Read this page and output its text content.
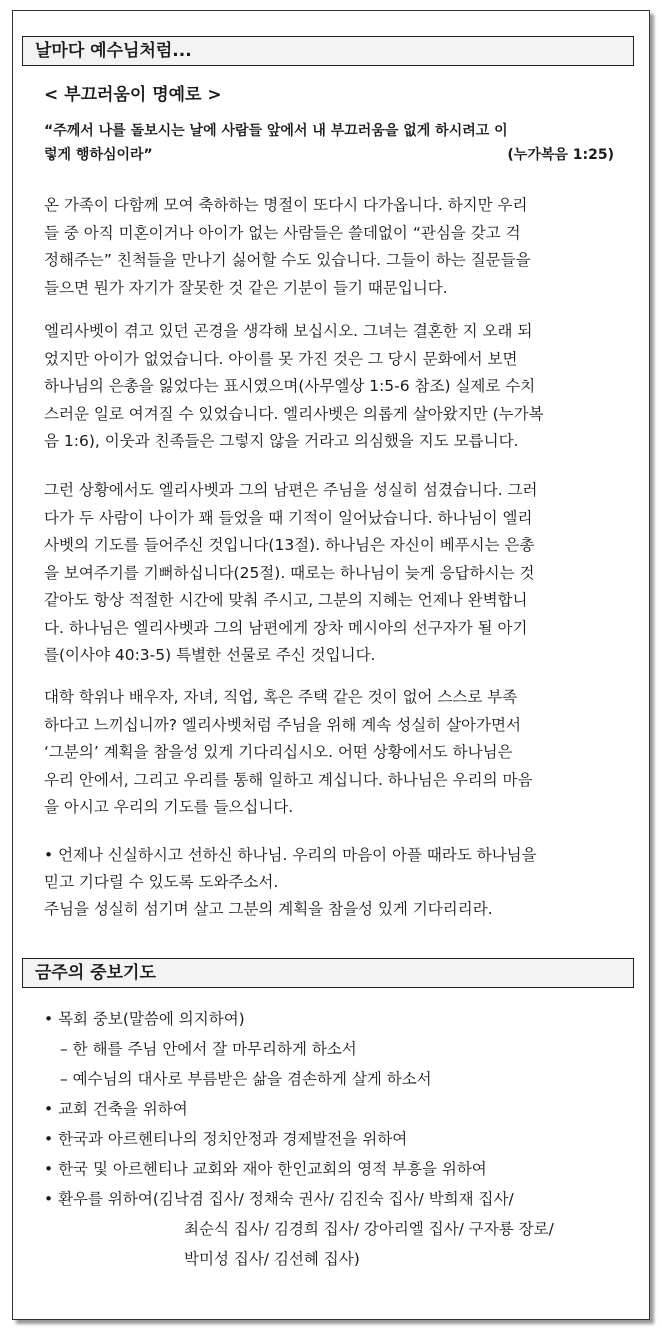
날마다 예수님처럼...
< 부끄러움이 명예로 >
“주께서 나를 돌보시는 날에 사람들 앞에서 내 부끄러움을 없게 하시려고 이
렇게 행하심이라”	(누가복음 1:25)
온 가족이 다함께 모여 축하하는 명절이 또다시 다가옵니다. 하지만 우리
들 중 아직 미혼이거나 아이가 없는 사람들은 쓸데없이 “관심을 갖고 걱
정해주는” 친척들을 만나기 싫어할 수도 있습니다. 그들이 하는 질문들을
들으면 뭔가 자기가 잘못한 것 같은 기분이 들기 때문입니다.
엘리사벳이 겪고 있던 곤경을 생각해 보십시오. 그녀는 결혼한 지 오래 되
었지만 아이가 없었습니다. 아이를 못 가진 것은 그 당시 문화에서 보면
하나님의 은총을 잃었다는 표시였으며(사무엘상 1:5-6 참조) 실제로 수치
스러운 일로 여겨질 수 있었습니다. 엘리사벳은 의롭게 살아왔지만 (누가복
음 1:6), 이웃과 친족들은 그렇지 않을 거라고 의심했을 지도 모릅니다.
그런 상황에서도 엘리사벳과 그의 남편은 주님을 성실히 섬겼습니다. 그러
다가 두 사람이 나이가 꽤 들었을 때 기적이 일어났습니다. 하나님이 엘리
사벳의 기도를 들어주신 것입니다(13절). 하나님은 자신이 베푸시는 은총
을 보여주기를 기뻐하십니다(25절). 때로는 하나님이 늦게 응답하시는 것
같아도 항상 적절한 시간에 맞춰 주시고, 그분의 지혜는 언제나 완벽합니
다. 하나님은 엘리사벳과 그의 남편에게 장차 메시아의 선구자가 될 아기
를(이사야 40:3-5) 특별한 선물로 주신 것입니다.
대학 학위나 배우자, 자녀, 직업, 혹은 주택 같은 것이 없어 스스로 부족
하다고 느끼십니까? 엘리사벳처럼 주님을 위해 계속 성실히 살아가면서
‘그분의’ 계획을 참을성 있게 기다리십시오. 어떤 상황에서도 하나님은
우리 안에서, 그리고 우리를 통해 일하고 계십니다. 하나님은 우리의 마음
을 아시고 우리의 기도를 들으십니다.
• 언제나 신실하시고 선하신 하나님. 우리의 마음이 아플 때라도 하나님을
믿고 기다릴 수 있도록 도와주소서.
주님을 성실히 섬기며 살고 그분의 계획을 참을성 있게 기다리리라.
금주의 중보기도
• 목회 중보(말씀에 의지하여)
– 한 해를 주님 안에서 잘 마무리하게 하소서
– 예수님의 대사로 부름받은 삶을 겸손하게 살게 하소서
• 교회 건축을 위하여
• 한국과 아르헨티나의 정치안정과 경제발전을 위하여
• 한국 및 아르헨티나 교회와 재아 한인교회의 영적 부흥을 위하여
• 환우를 위하여(김낙겸 집사/ 정채숙 권사/ 김진숙 집사/ 박희재 집사/
최순식 집사/ 김경희 집사/ 강아리엘 집사/ 구자룡 장로/
박미성 집사/ 김선혜 집사)
